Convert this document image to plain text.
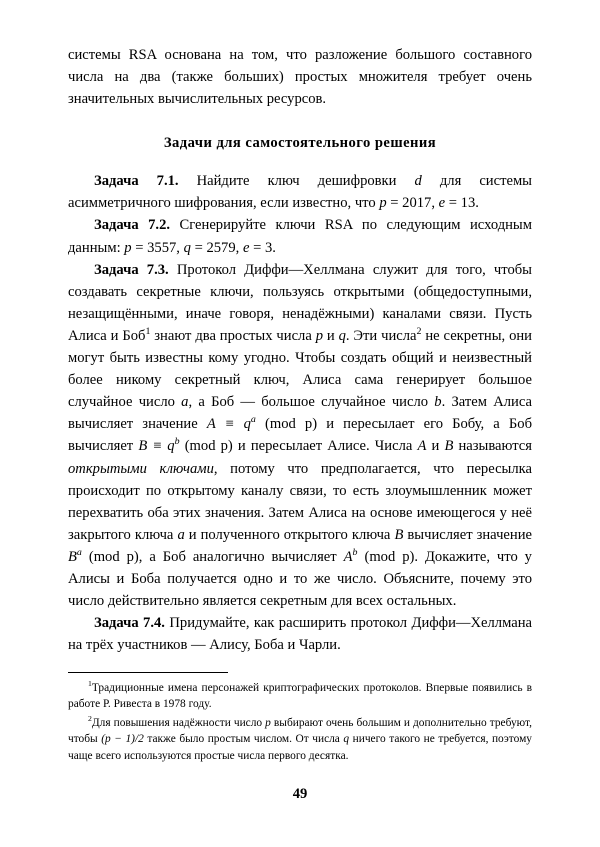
системы RSA основана на том, что разложение большого составного числа на два (также больших) простых множителя требует очень значительных вычислительных ресурсов.

Задачи для самостоятельного решения

Задача 7.1. Найдите ключ дешифровки d для системы асимметричного шифрования, если известно, что p = 2017, e = 13.

Задача 7.2. Сгенерируйте ключи RSA по следующим исходным данным: p = 3557, q = 2579, e = 3.

Задача 7.3. Протокол Диффи—Хеллмана служит для того, чтобы создавать секретные ключи, пользуясь открытыми (общедоступными, незащищёнными, иначе говоря, ненадёжными) каналами связи. Пусть Алиса и Боб$^1$ знают два простых числа p и q. Эти числа$^2$ не секретны, они могут быть известны кому угодно. Чтобы создать общий и неизвестный более никому секретный ключ, Алиса сама генерирует большое случайное число a, а Боб — большое случайное число b. Затем Алиса вычисляет значение $A \equiv q^a$ (mod p) и пересылает его Бобу, а Боб вычисляет $B \equiv q^b$ (mod p) и пересылает Алисе. Числа A и B называются открытыми ключами, потому что предполагается, что пересылка происходит по открытому каналу связи, то есть злоумышленник может перехватить оба этих значения. Затем Алиса на основе имеющегося у неё закрытого ключа a и полученного открытого ключа B вычисляет значение $B^a$ (mod p), а Боб аналогично вычисляет $A^b$ (mod p). Докажите, что у Алисы и Боба получается одно и то же число. Объясните, почему это число действительно является секретным для всех остальных.

Задача 7.4. Придумайте, как расширить протокол Диффи—Хеллмана на трёх участников — Алису, Боба и Чарли.

$^1$Традиционные имена персонажей криптографических протоколов. Впервые появились в работе Р. Ривеста в 1978 году.

$^2$Для повышения надёжности число p выбирают очень большим и дополнительно требуют, чтобы (p − 1)/2 также было простым числом. От числа q ничего такого не требуется, поэтому чаще всего используются простые числа первого десятка.

49
